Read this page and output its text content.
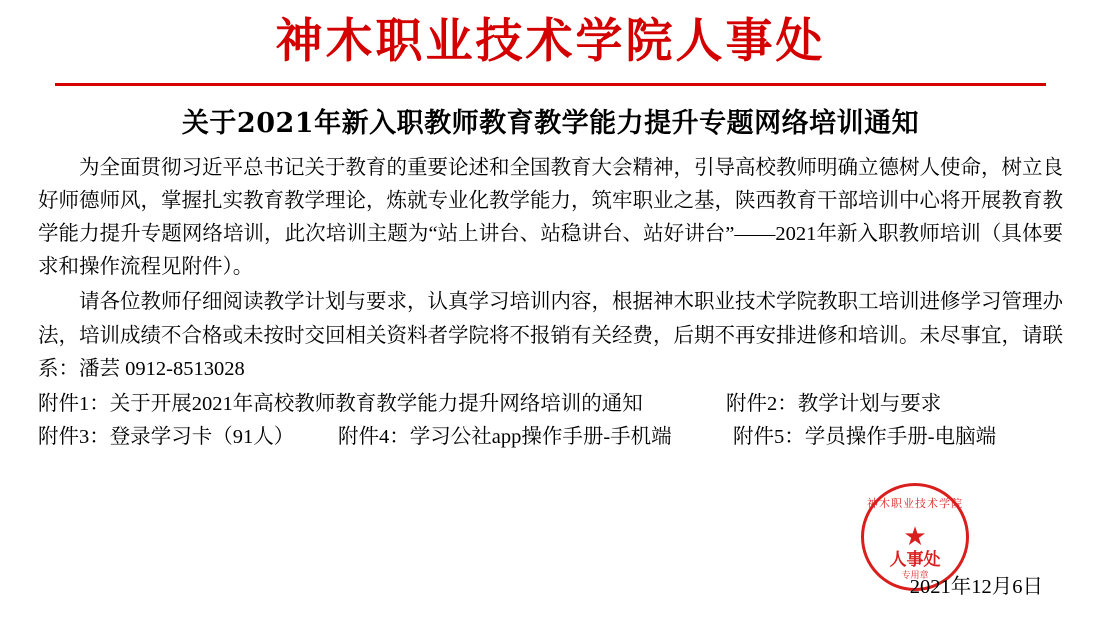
神木职业技术学院人事处
关于2021年新入职教师教育教学能力提升专题网络培训通知

为全面贯彻习近平总书记关于教育的重要论述和全国教育大会精神，引导高校教师明确立德树人使命，树立良好师德师风，掌握扎实教育教学理论，炼就专业化教学能力，筑牢职业之基，陕西教育干部培训中心将开展教育教学能力提升专题网络培训，此次培训主题为“站上讲台、站稳讲台、站好讲台”——2021年新入职教师培训（具体要求和操作流程见附件）。

请各位教师仔细阅读教学计划与要求，认真学习培训内容，根据神木职业技术学院教职工培训进修学习管理办法，培训成绩不合格或未按时交回相关资料者学院将不报销有关经费，后期不再安排进修和培训。未尽事宜，请联系：潘芸 0912-8513028

附件1：关于开展2021年高校教师教育教学能力提升网络培训的通知	附件2：教学计划与要求
附件3：登录学习卡（91人）	附件4：学习公社app操作手册-手机端	附件5：学员操作手册-电脑端
神木职业技术学院
★
人事处
专用章
2021年12月6日
